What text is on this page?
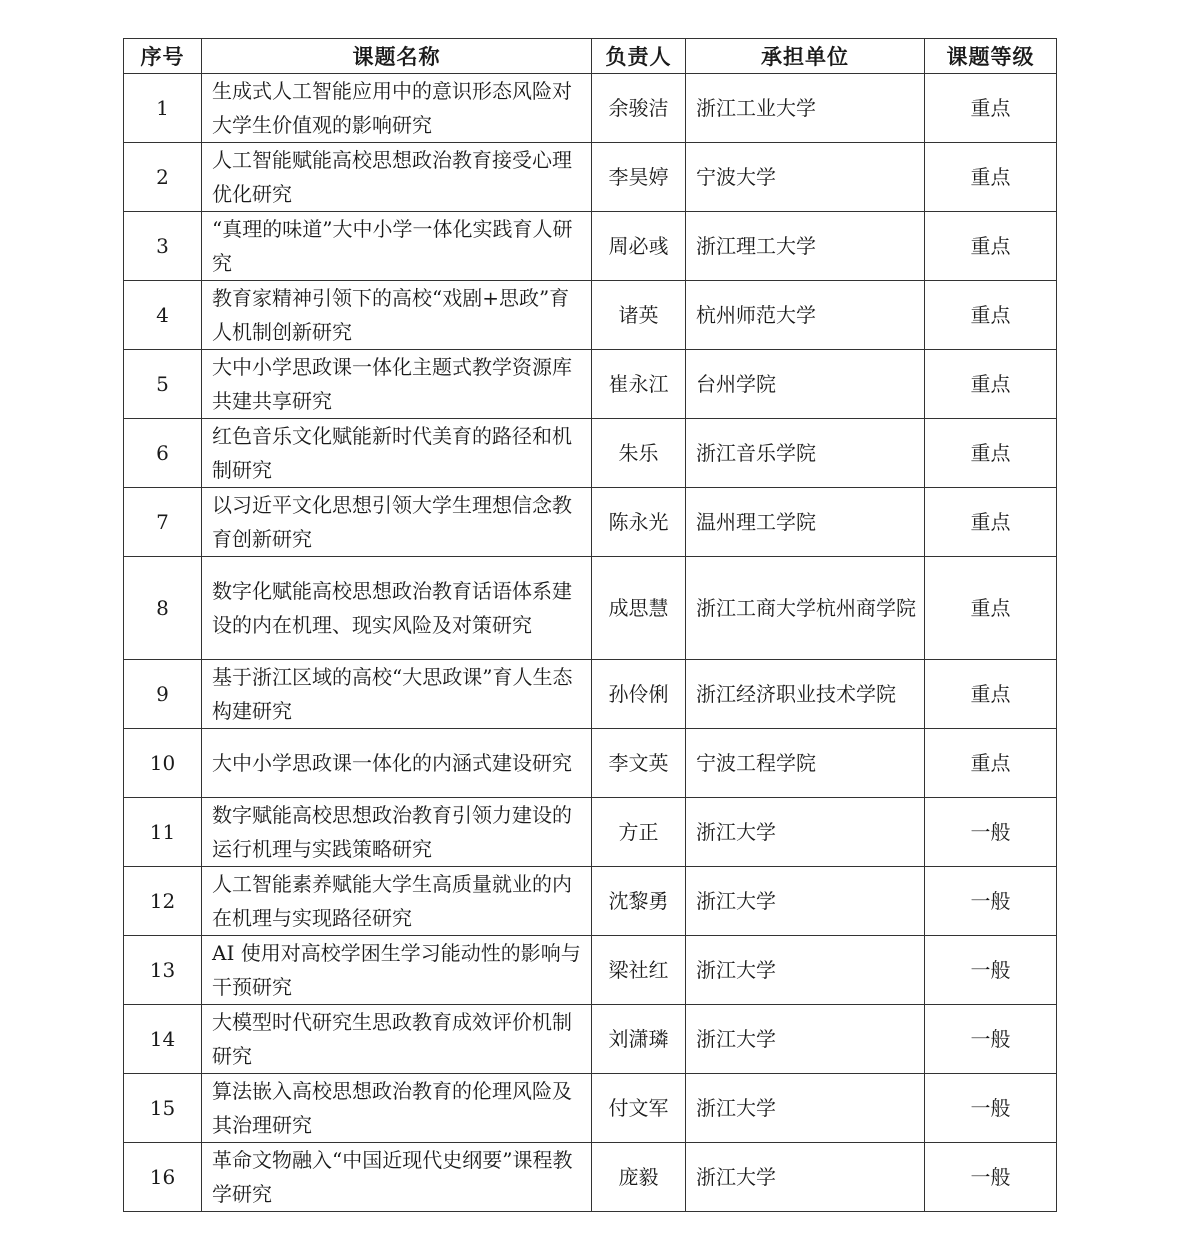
序号	课题名称	负责人	承担单位	课题等级
1	生成式人工智能应用中的意识形态风险对大学生价值观的影响研究	余骏洁	浙江工业大学	重点
2	人工智能赋能高校思想政治教育接受心理优化研究	李昊婷	宁波大学	重点
3	“真理的味道”大中小学一体化实践育人研究	周必彧	浙江理工大学	重点
4	教育家精神引领下的高校“戏剧+思政”育人机制创新研究	诸英	杭州师范大学	重点
5	大中小学思政课一体化主题式教学资源库共建共享研究	崔永江	台州学院	重点
6	红色音乐文化赋能新时代美育的路径和机制研究	朱乐	浙江音乐学院	重点
7	以习近平文化思想引领大学生理想信念教育创新研究	陈永光	温州理工学院	重点
8	数字化赋能高校思想政治教育话语体系建设的内在机理、现实风险及对策研究	成思慧	浙江工商大学杭州商学院	重点
9	基于浙江区域的高校“大思政课”育人生态构建研究	孙伶俐	浙江经济职业技术学院	重点
10	大中小学思政课一体化的内涵式建设研究	李文英	宁波工程学院	重点
11	数字赋能高校思想政治教育引领力建设的运行机理与实践策略研究	方正	浙江大学	一般
12	人工智能素养赋能大学生高质量就业的内在机理与实现路径研究	沈黎勇	浙江大学	一般
13	AI 使用对高校学困生学习能动性的影响与干预研究	梁社红	浙江大学	一般
14	大模型时代研究生思政教育成效评价机制研究	刘潇璘	浙江大学	一般
15	算法嵌入高校思想政治教育的伦理风险及其治理研究	付文军	浙江大学	一般
16	革命文物融入“中国近现代史纲要”课程教学研究	庞毅	浙江大学	一般
